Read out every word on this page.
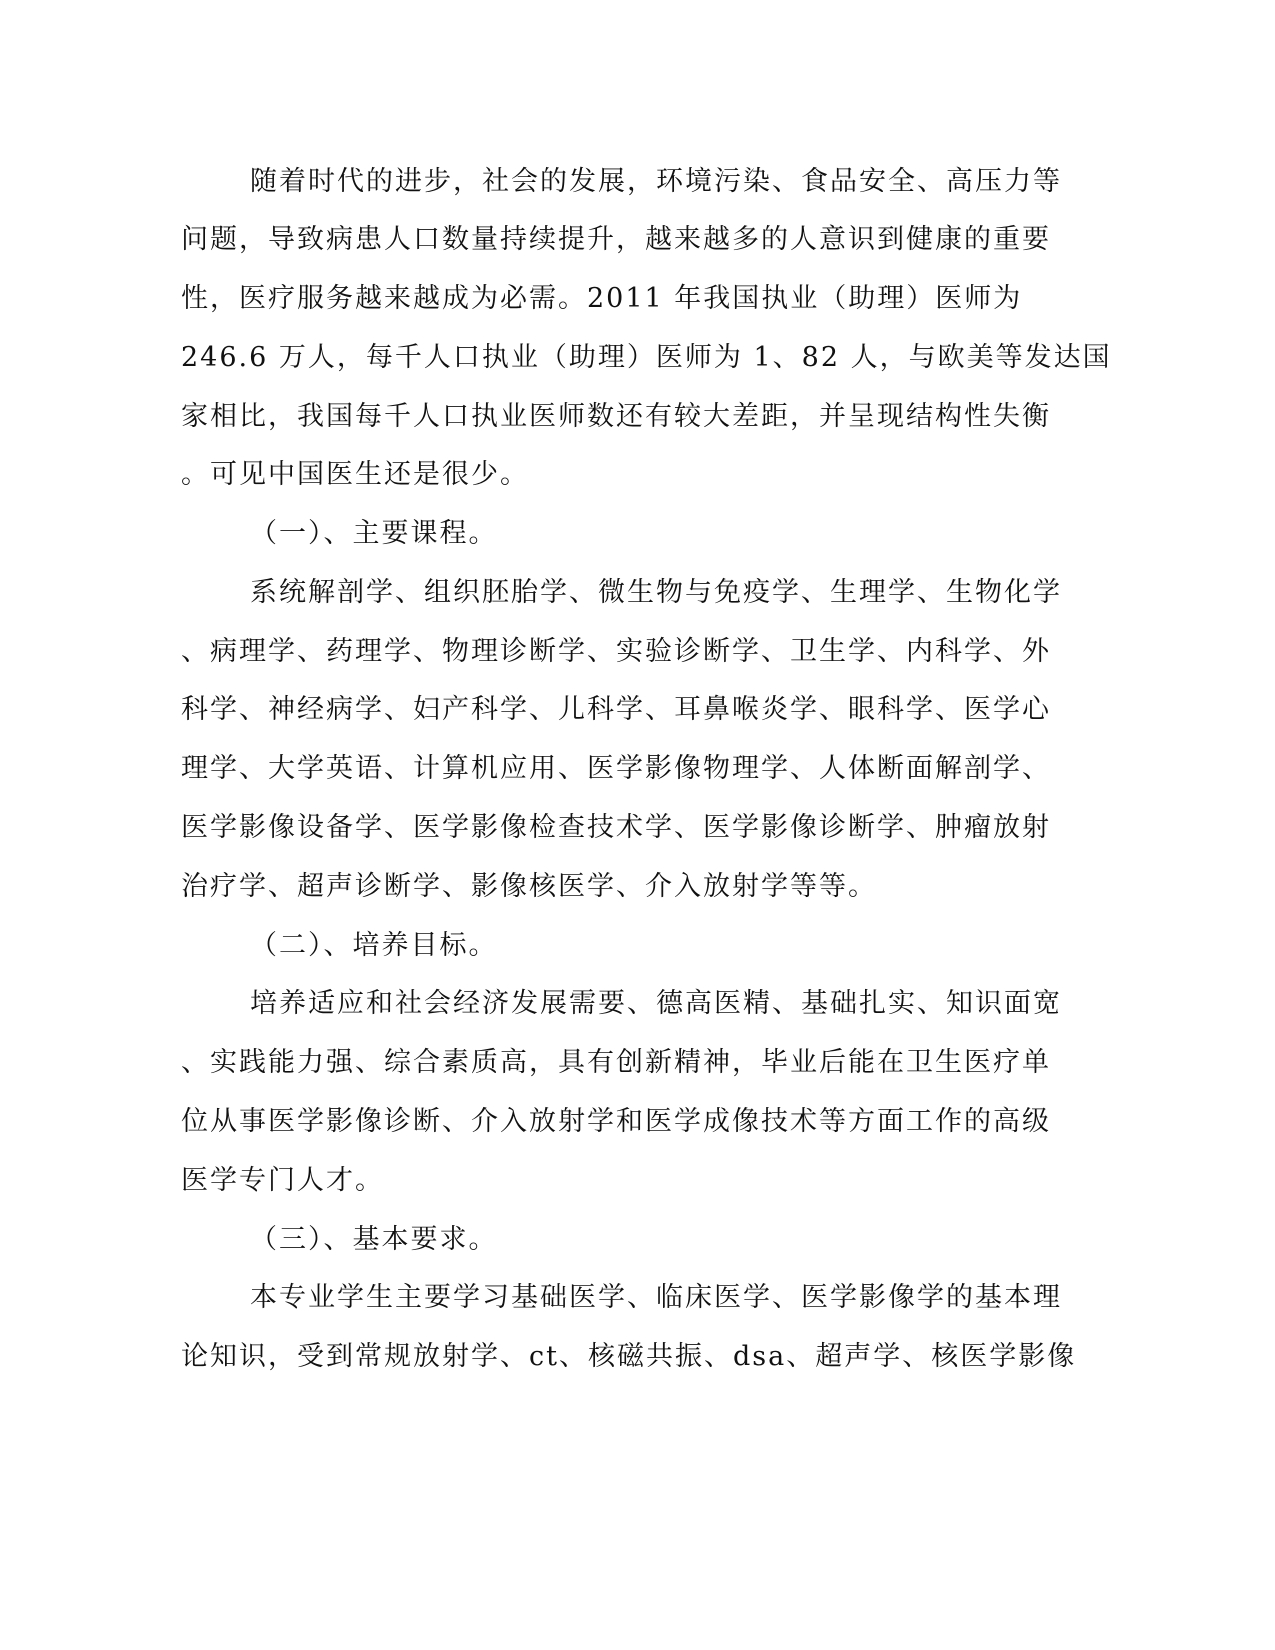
随着时代的进步，社会的发展，环境污染、食品安全、高压力等
问题，导致病患人口数量持续提升，越来越多的人意识到健康的重要
性，医疗服务越来越成为必需。2011 年我国执业（助理）医师为
246.6 万人，每千人口执业（助理）医师为 1、82 人，与欧美等发达国
家相比，我国每千人口执业医师数还有较大差距，并呈现结构性失衡
。可见中国医生还是很少。
（一）、主要课程。
系统解剖学、组织胚胎学、微生物与免疫学、生理学、生物化学
、病理学、药理学、物理诊断学、实验诊断学、卫生学、内科学、外
科学、神经病学、妇产科学、儿科学、耳鼻喉炎学、眼科学、医学心
理学、大学英语、计算机应用、医学影像物理学、人体断面解剖学、
医学影像设备学、医学影像检查技术学、医学影像诊断学、肿瘤放射
治疗学、超声诊断学、影像核医学、介入放射学等等。
（二）、培养目标。
培养适应和社会经济发展需要、德高医精、基础扎实、知识面宽
、实践能力强、综合素质高，具有创新精神，毕业后能在卫生医疗单
位从事医学影像诊断、介入放射学和医学成像技术等方面工作的高级
医学专门人才。
（三）、基本要求。
本专业学生主要学习基础医学、临床医学、医学影像学的基本理
论知识，受到常规放射学、ct、核磁共振、dsa、超声学、核医学影像
